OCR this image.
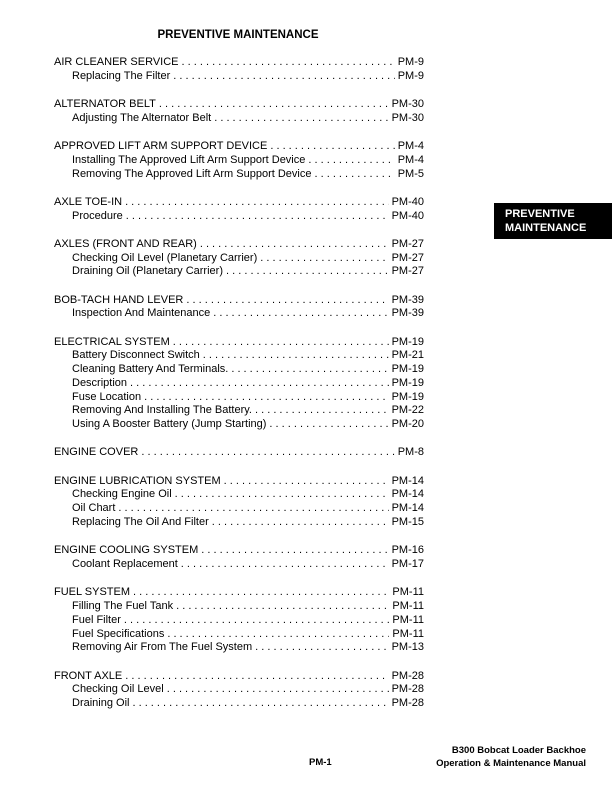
PREVENTIVE MAINTENANCE
AIR CLEANER SERVICE . . .	PM-9
Replacing The Filter . . .	PM-9
ALTERNATOR BELT . . .	PM-30
Adjusting The Alternator Belt . . .	PM-30
APPROVED LIFT ARM SUPPORT DEVICE . . .	PM-4
Installing The Approved Lift Arm Support Device . . .	PM-4
Removing The Approved Lift Arm Support Device . . .	PM-5
AXLE TOE-IN . . .	PM-40
Procedure . . .	PM-40
AXLES (FRONT AND REAR) . . .	PM-27
Checking Oil Level (Planetary Carrier) . . .	PM-27
Draining Oil (Planetary Carrier) . . .	PM-27
BOB-TACH HAND LEVER . . .	PM-39
Inspection And Maintenance . . .	PM-39
ELECTRICAL SYSTEM . . .	PM-19
Battery Disconnect Switch . . .	PM-21
Cleaning Battery And Terminals. . . .	PM-19
Description . . .	PM-19
Fuse Location . . .	PM-19
Removing And Installing The Battery. . . .	PM-22
Using A Booster Battery (Jump Starting) . . .	PM-20
ENGINE COVER . . .	PM-8
ENGINE LUBRICATION SYSTEM . . .	PM-14
Checking Engine Oil . . .	PM-14
Oil Chart . . .	PM-14
Replacing The Oil And Filter . . .	PM-15
ENGINE COOLING SYSTEM . . .	PM-16
Coolant Replacement . . .	PM-17
FUEL SYSTEM . . .	PM-11
Filling The Fuel Tank . . .	PM-11
Fuel Filter . . .	PM-11
Fuel Specifications . . .	PM-11
Removing Air From The Fuel System . . .	PM-13
FRONT AXLE . . .	PM-28
Checking Oil Level . . .	PM-28
Draining Oil . . .	PM-28
PREVENTIVE
MAINTENANCE
PM-1
B300 Bobcat Loader Backhoe
Operation & Maintenance Manual
